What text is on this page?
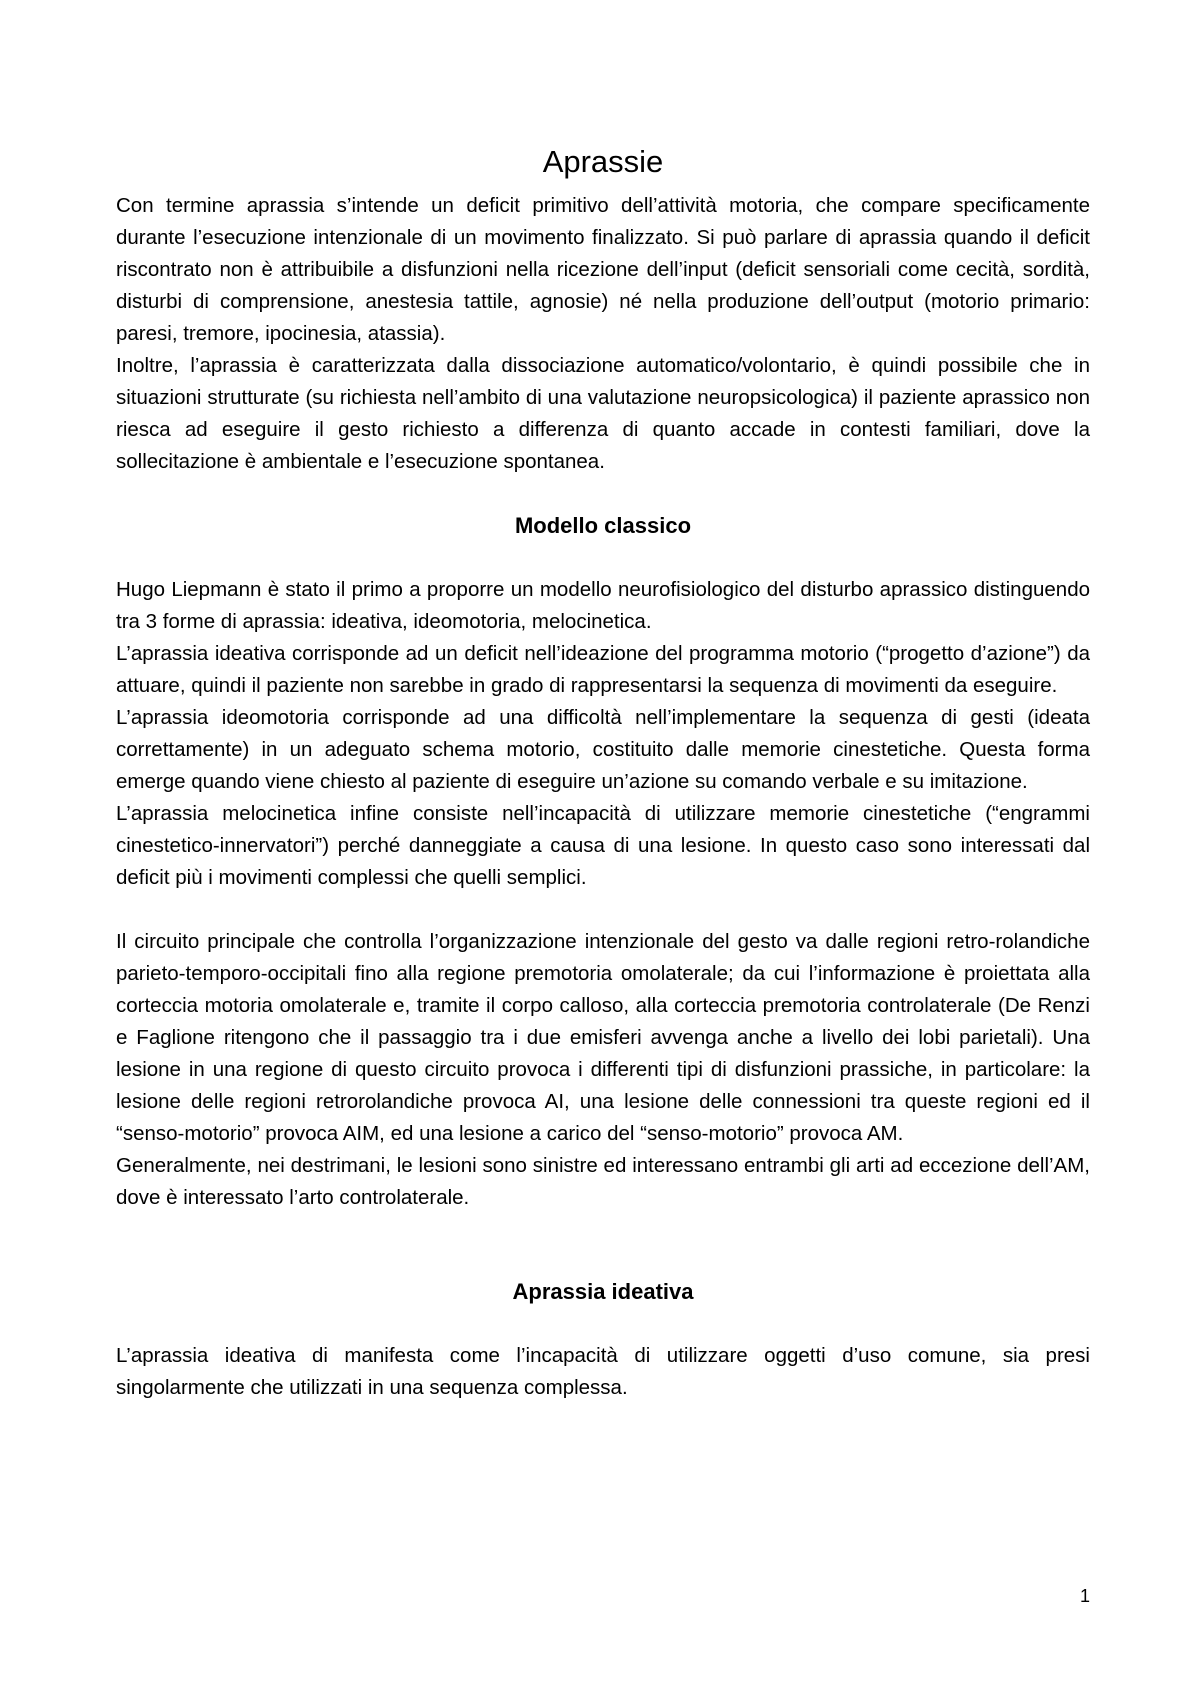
Aprassie

Con termine aprassia s’intende un deficit primitivo dell’attività motoria, che compare specificamente durante l’esecuzione intenzionale di un movimento finalizzato. Si può parlare di aprassia quando il deficit riscontrato non è attribuibile a disfunzioni nella ricezione dell’input (deficit sensoriali come cecità, sordità, disturbi di comprensione, anestesia tattile, agnosie) né nella produzione dell’output (motorio primario: paresi, tremore, ipocinesia, atassia).

Inoltre, l’aprassia è caratterizzata dalla dissociazione automatico/volontario, è quindi possibile che in situazioni strutturate (su richiesta nell’ambito di una valutazione neuropsicologica) il paziente aprassico non riesca ad eseguire il gesto richiesto a differenza di quanto accade in contesti familiari, dove la sollecitazione è ambientale e l’esecuzione spontanea.

Modello classico

Hugo Liepmann è stato il primo a proporre un modello neurofisiologico del disturbo aprassico distinguendo tra 3 forme di aprassia: ideativa, ideomotoria, melocinetica.

L’aprassia ideativa corrisponde ad un deficit nell’ideazione del programma motorio (“progetto d’azione”) da attuare, quindi il paziente non sarebbe in grado di rappresentarsi la sequenza di movimenti da eseguire.

L’aprassia ideomotoria corrisponde ad una difficoltà nell’implementare la sequenza di gesti (ideata correttamente) in un adeguato schema motorio, costituito dalle memorie cinestetiche. Questa forma emerge quando viene chiesto al paziente di eseguire un’azione su comando verbale e su imitazione.

L’aprassia melocinetica infine consiste nell’incapacità di utilizzare memorie cinestetiche (“engrammi cinestetico-innervatori”) perché danneggiate a causa di una lesione. In questo caso sono interessati dal deficit più i movimenti complessi che quelli semplici.

Il circuito principale che controlla l’organizzazione intenzionale del gesto va dalle regioni retro-rolandiche parieto-temporo-occipitali fino alla regione premotoria omolaterale; da cui l’informazione è proiettata alla corteccia motoria omolaterale e, tramite il corpo calloso, alla corteccia premotoria controlaterale (De Renzi e Faglione ritengono che il passaggio tra i due emisferi avvenga anche a livello dei lobi parietali). Una lesione in una regione di questo circuito provoca i differenti tipi di disfunzioni prassiche, in particolare: la lesione delle regioni retrorolandiche provoca AI, una lesione delle connessioni tra queste regioni ed il “senso-motorio” provoca AIM, ed una lesione a carico del “senso-motorio” provoca AM.

Generalmente, nei destrimani, le lesioni sono sinistre ed interessano entrambi gli arti ad eccezione dell’AM, dove è interessato l’arto controlaterale.

Aprassia ideativa

L’aprassia ideativa di manifesta come l’incapacità di utilizzare oggetti d’uso comune, sia presi singolarmente che utilizzati in una sequenza complessa.

1
